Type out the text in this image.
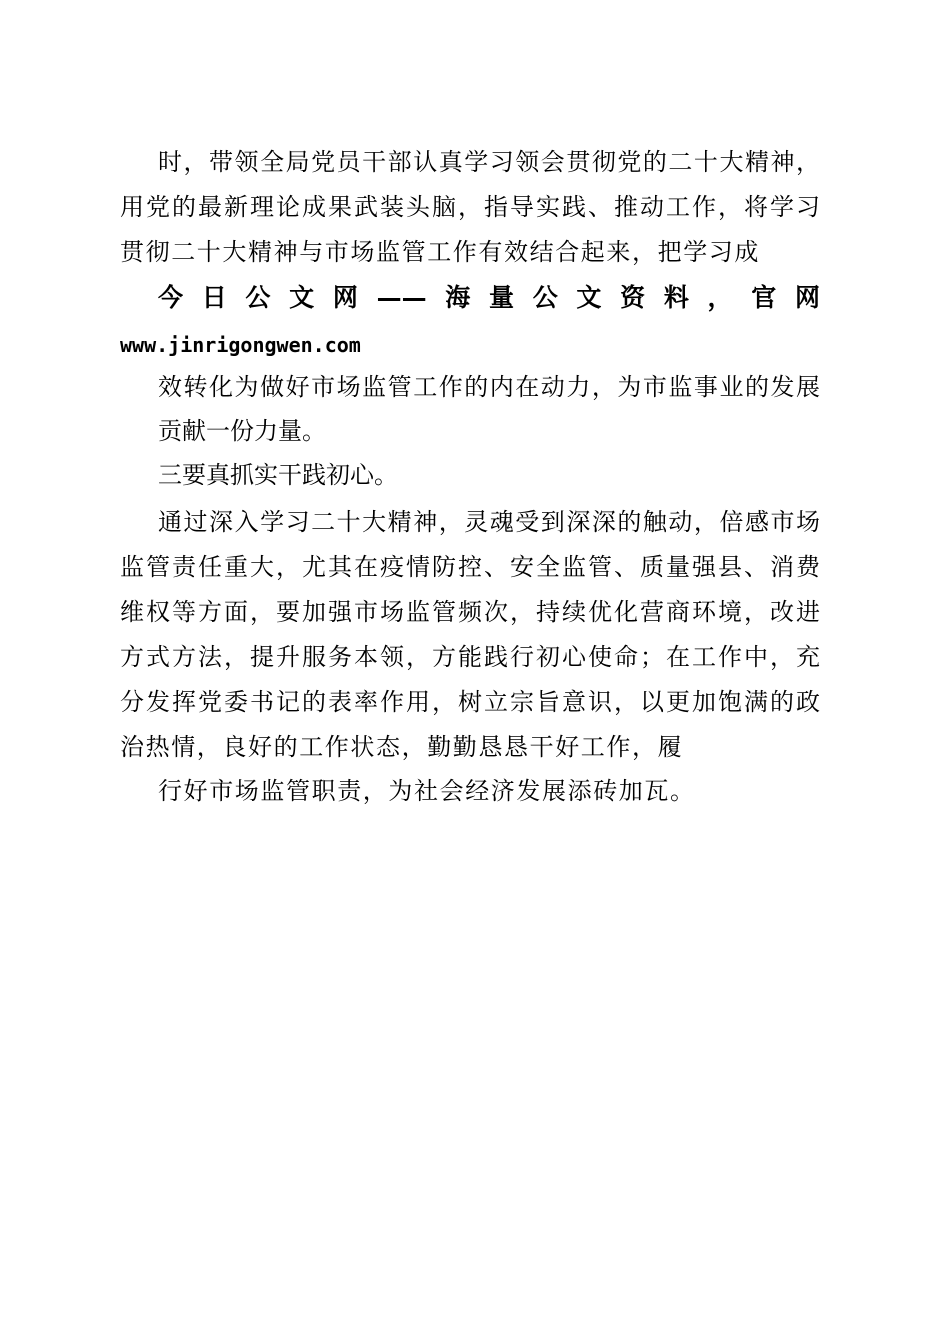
时，带领全局党员干部认真学习领会贯彻党的二十大精神，
用党的最新理论成果武装头脑，指导实践、推动工作，将学习
贯彻二十大精神与市场监管工作有效结合起来，把学习成
今日公文网——海量公文资料，官网
www.jinrigongwen.com
效转化为做好市场监管工作的内在动力，为市监事业的发展
贡献一份力量。
三要真抓实干践初心。
通过深入学习二十大精神，灵魂受到深深的触动，倍感市场
监管责任重大，尤其在疫情防控、安全监管、质量强县、消费
维权等方面，要加强市场监管频次，持续优化营商环境，改进
方式方法，提升服务本领，方能践行初心使命；在工作中，充
分发挥党委书记的表率作用，树立宗旨意识，以更加饱满的政
治热情，良好的工作状态，勤勤恳恳干好工作，履
行好市场监管职责，为社会经济发展添砖加瓦。
